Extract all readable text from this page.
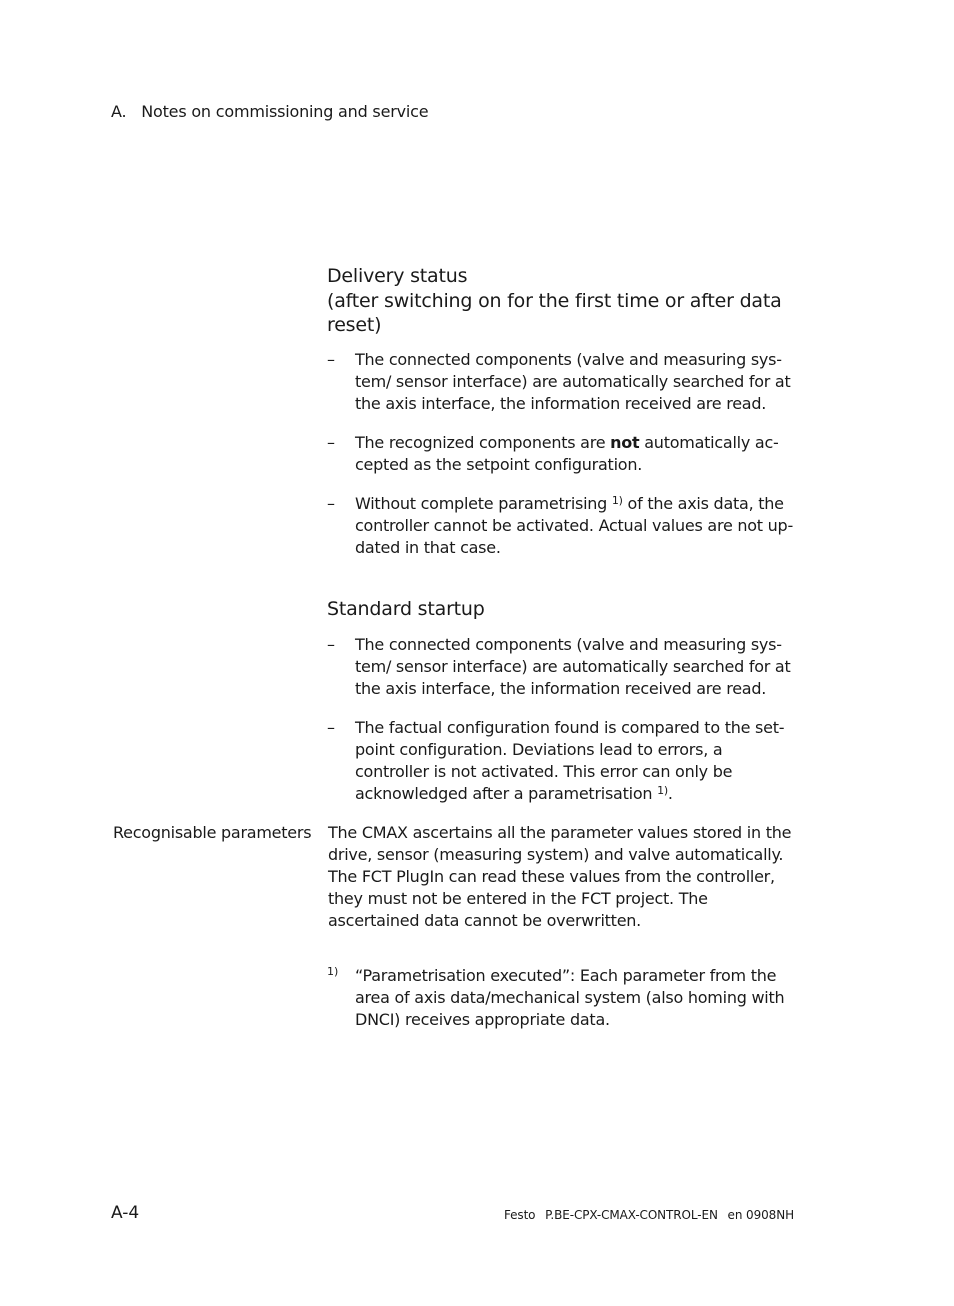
A. Notes on commissioning and service
Delivery status
(after switching on for the first time or after data reset)
– The connected components (valve and measuring sys- tem/ sensor interface) are automatically searched for at the axis interface, the information received are read.
– The recognized components are not automatically ac- cepted as the setpoint configuration.
– Without complete parametrising $^{1)}$ of the axis data, the controller cannot be activated. Actual values are not up- dated in that case.
Standard startup
– The connected components (valve and measuring sys- tem/ sensor interface) are automatically searched for at the axis interface, the information received are read.
– The factual configuration found is compared to the set- point configuration. Deviations lead to errors, a controller is not activated. This error can only be acknowledged after a parametrisation $^{1)}$.
Recognisable parameters The CMAX ascertains all the parameter values stored in the drive, sensor (measuring system) and valve automatically. The FCT PlugIn can read these values from the controller, they must not be entered in the FCT project. The ascertained data cannot be overwritten.

1) “Parametrisation executed”: Each parameter from the area of axis data/mechanical system (also homing with DNCI) receives appropriate data.
A-4	Festo P.BE-CPX-CMAX-CONTROL-EN en 0908NH
